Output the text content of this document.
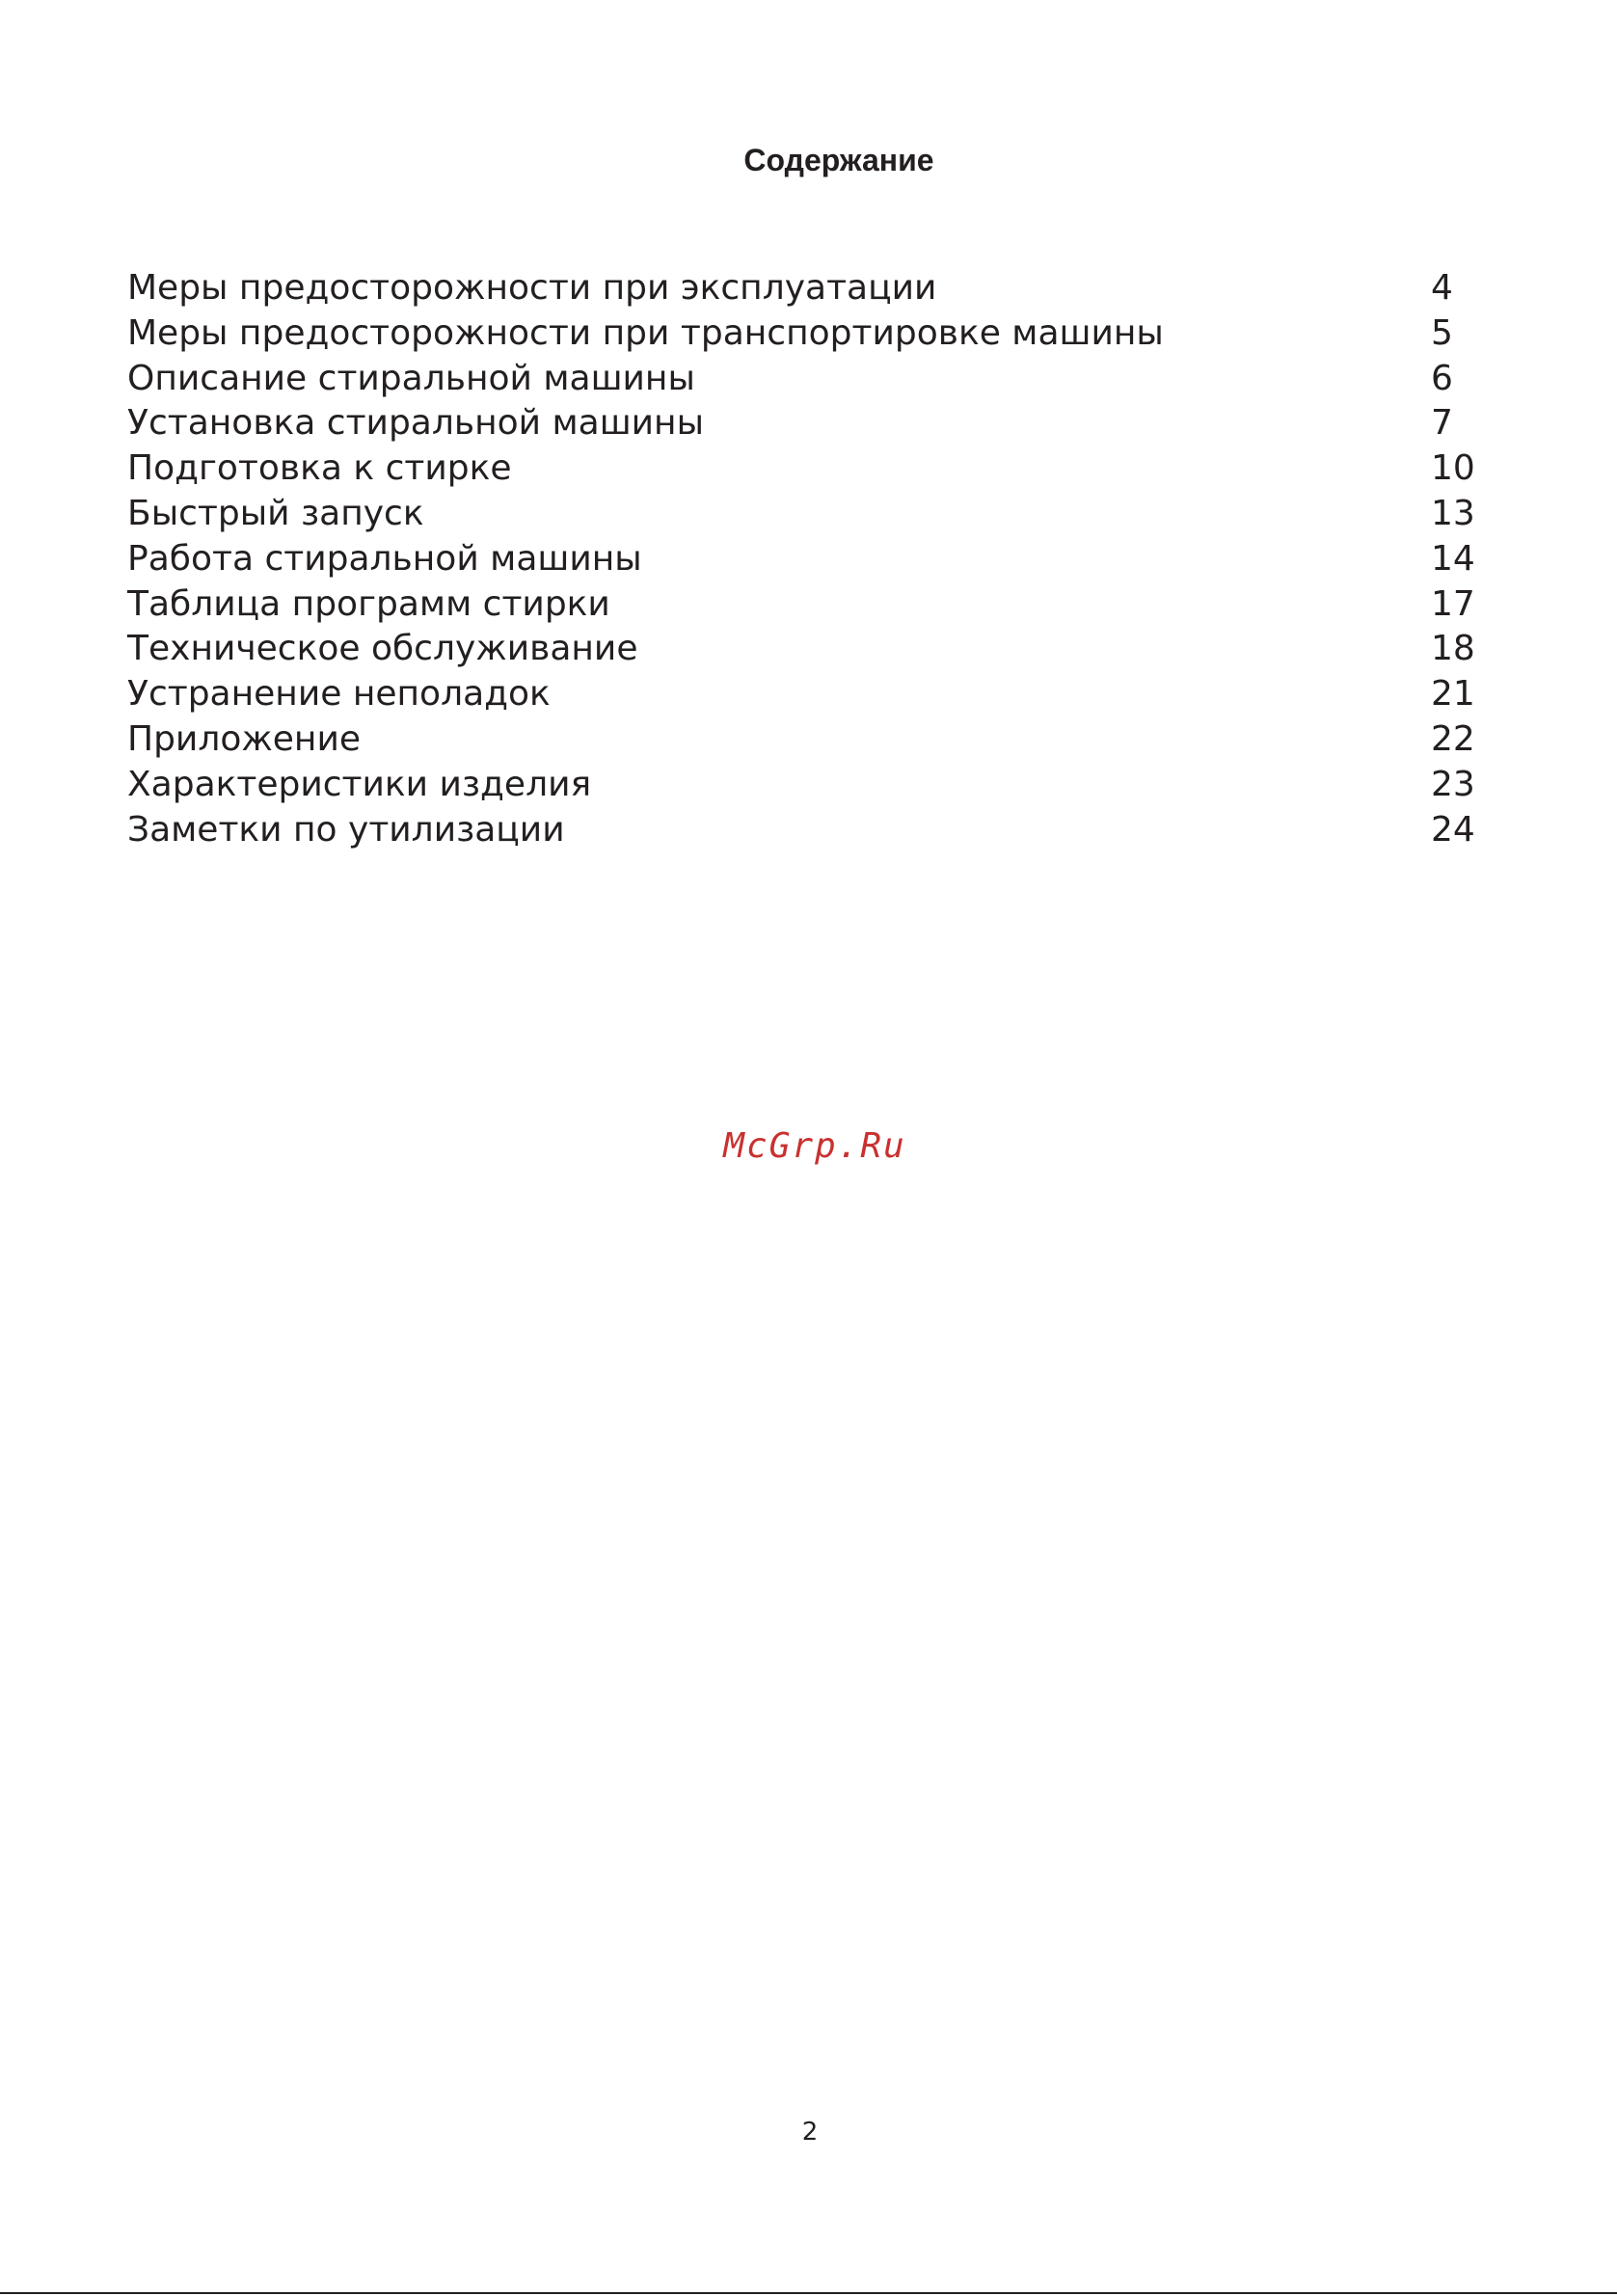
Содержание
Меры предосторожности при эксплуатации	4
Меры предосторожности при транспортировке машины	5
Описание стиральной машины	6
Установка стиральной машины	7
Подготовка к стирке	10
Быстрый запуск	13
Работа стиральной машины	14
Таблица программ стирки	17
Техническое обслуживание	18
Устранение неполадок	21
Приложение	22
Характеристики изделия	23
Заметки по утилизации	24
McGrp.Ru
2
